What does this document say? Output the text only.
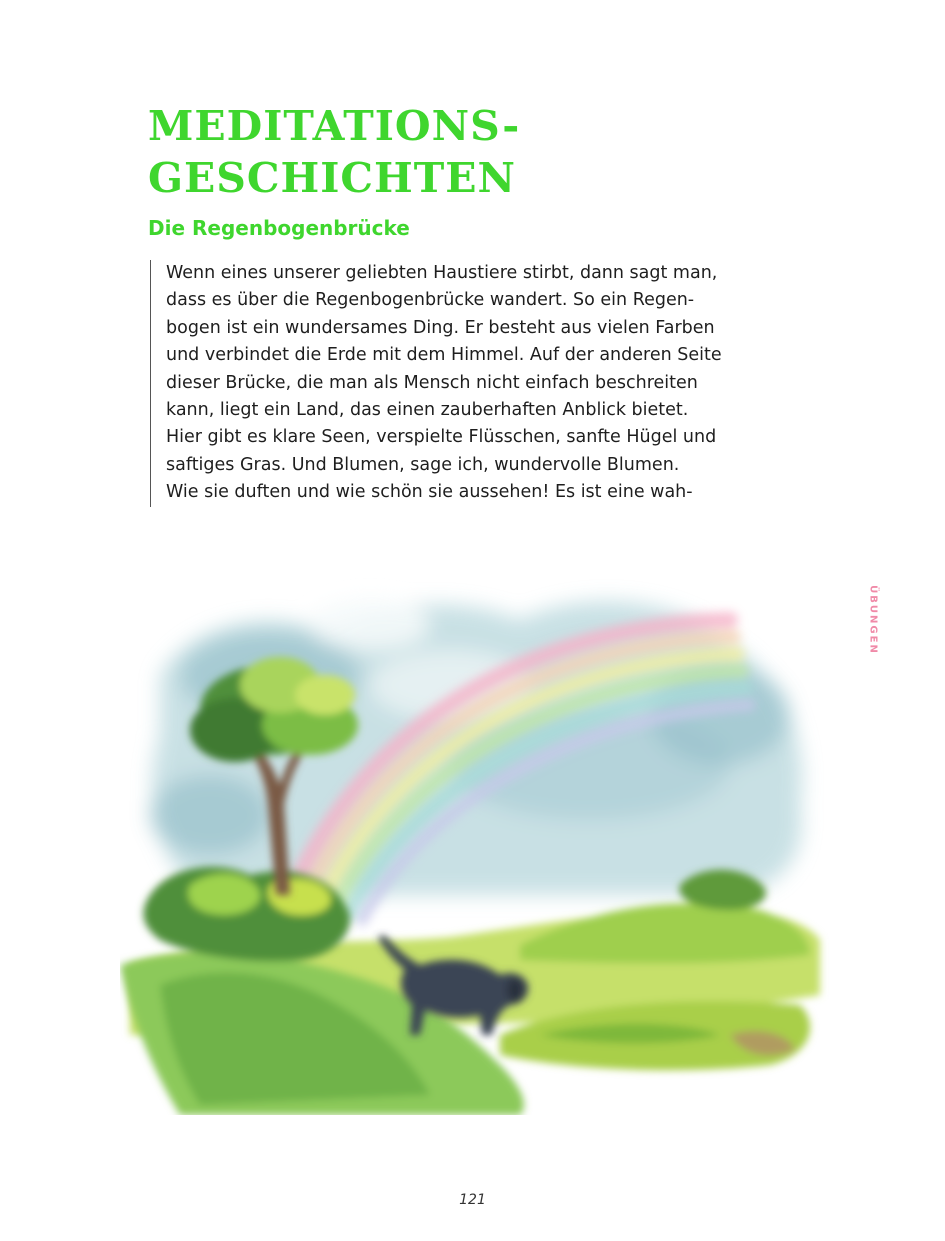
MEDITATIONS-
GESCHICHTEN
Die Regenbogenbrücke

Wenn eines unserer geliebten Haustiere stirbt, dann sagt man,

dass es über die Regenbogenbrücke wandert. So ein Regen-

bogen ist ein wundersames Ding. Er besteht aus vielen Farben

und verbindet die Erde mit dem Himmel. Auf der anderen Seite

dieser Brücke, die man als Mensch nicht einfach beschreiten

kann, liegt ein Land, das einen zauberhaften Anblick bietet.

Hier gibt es klare Seen, verspielte Flüsschen, sanfte Hügel und

saftiges Gras. Und Blumen, sage ich, wundervolle Blumen.

Wie sie duften und wie schön sie aussehen! Es ist eine wah-

ÜBUNGEN
121
